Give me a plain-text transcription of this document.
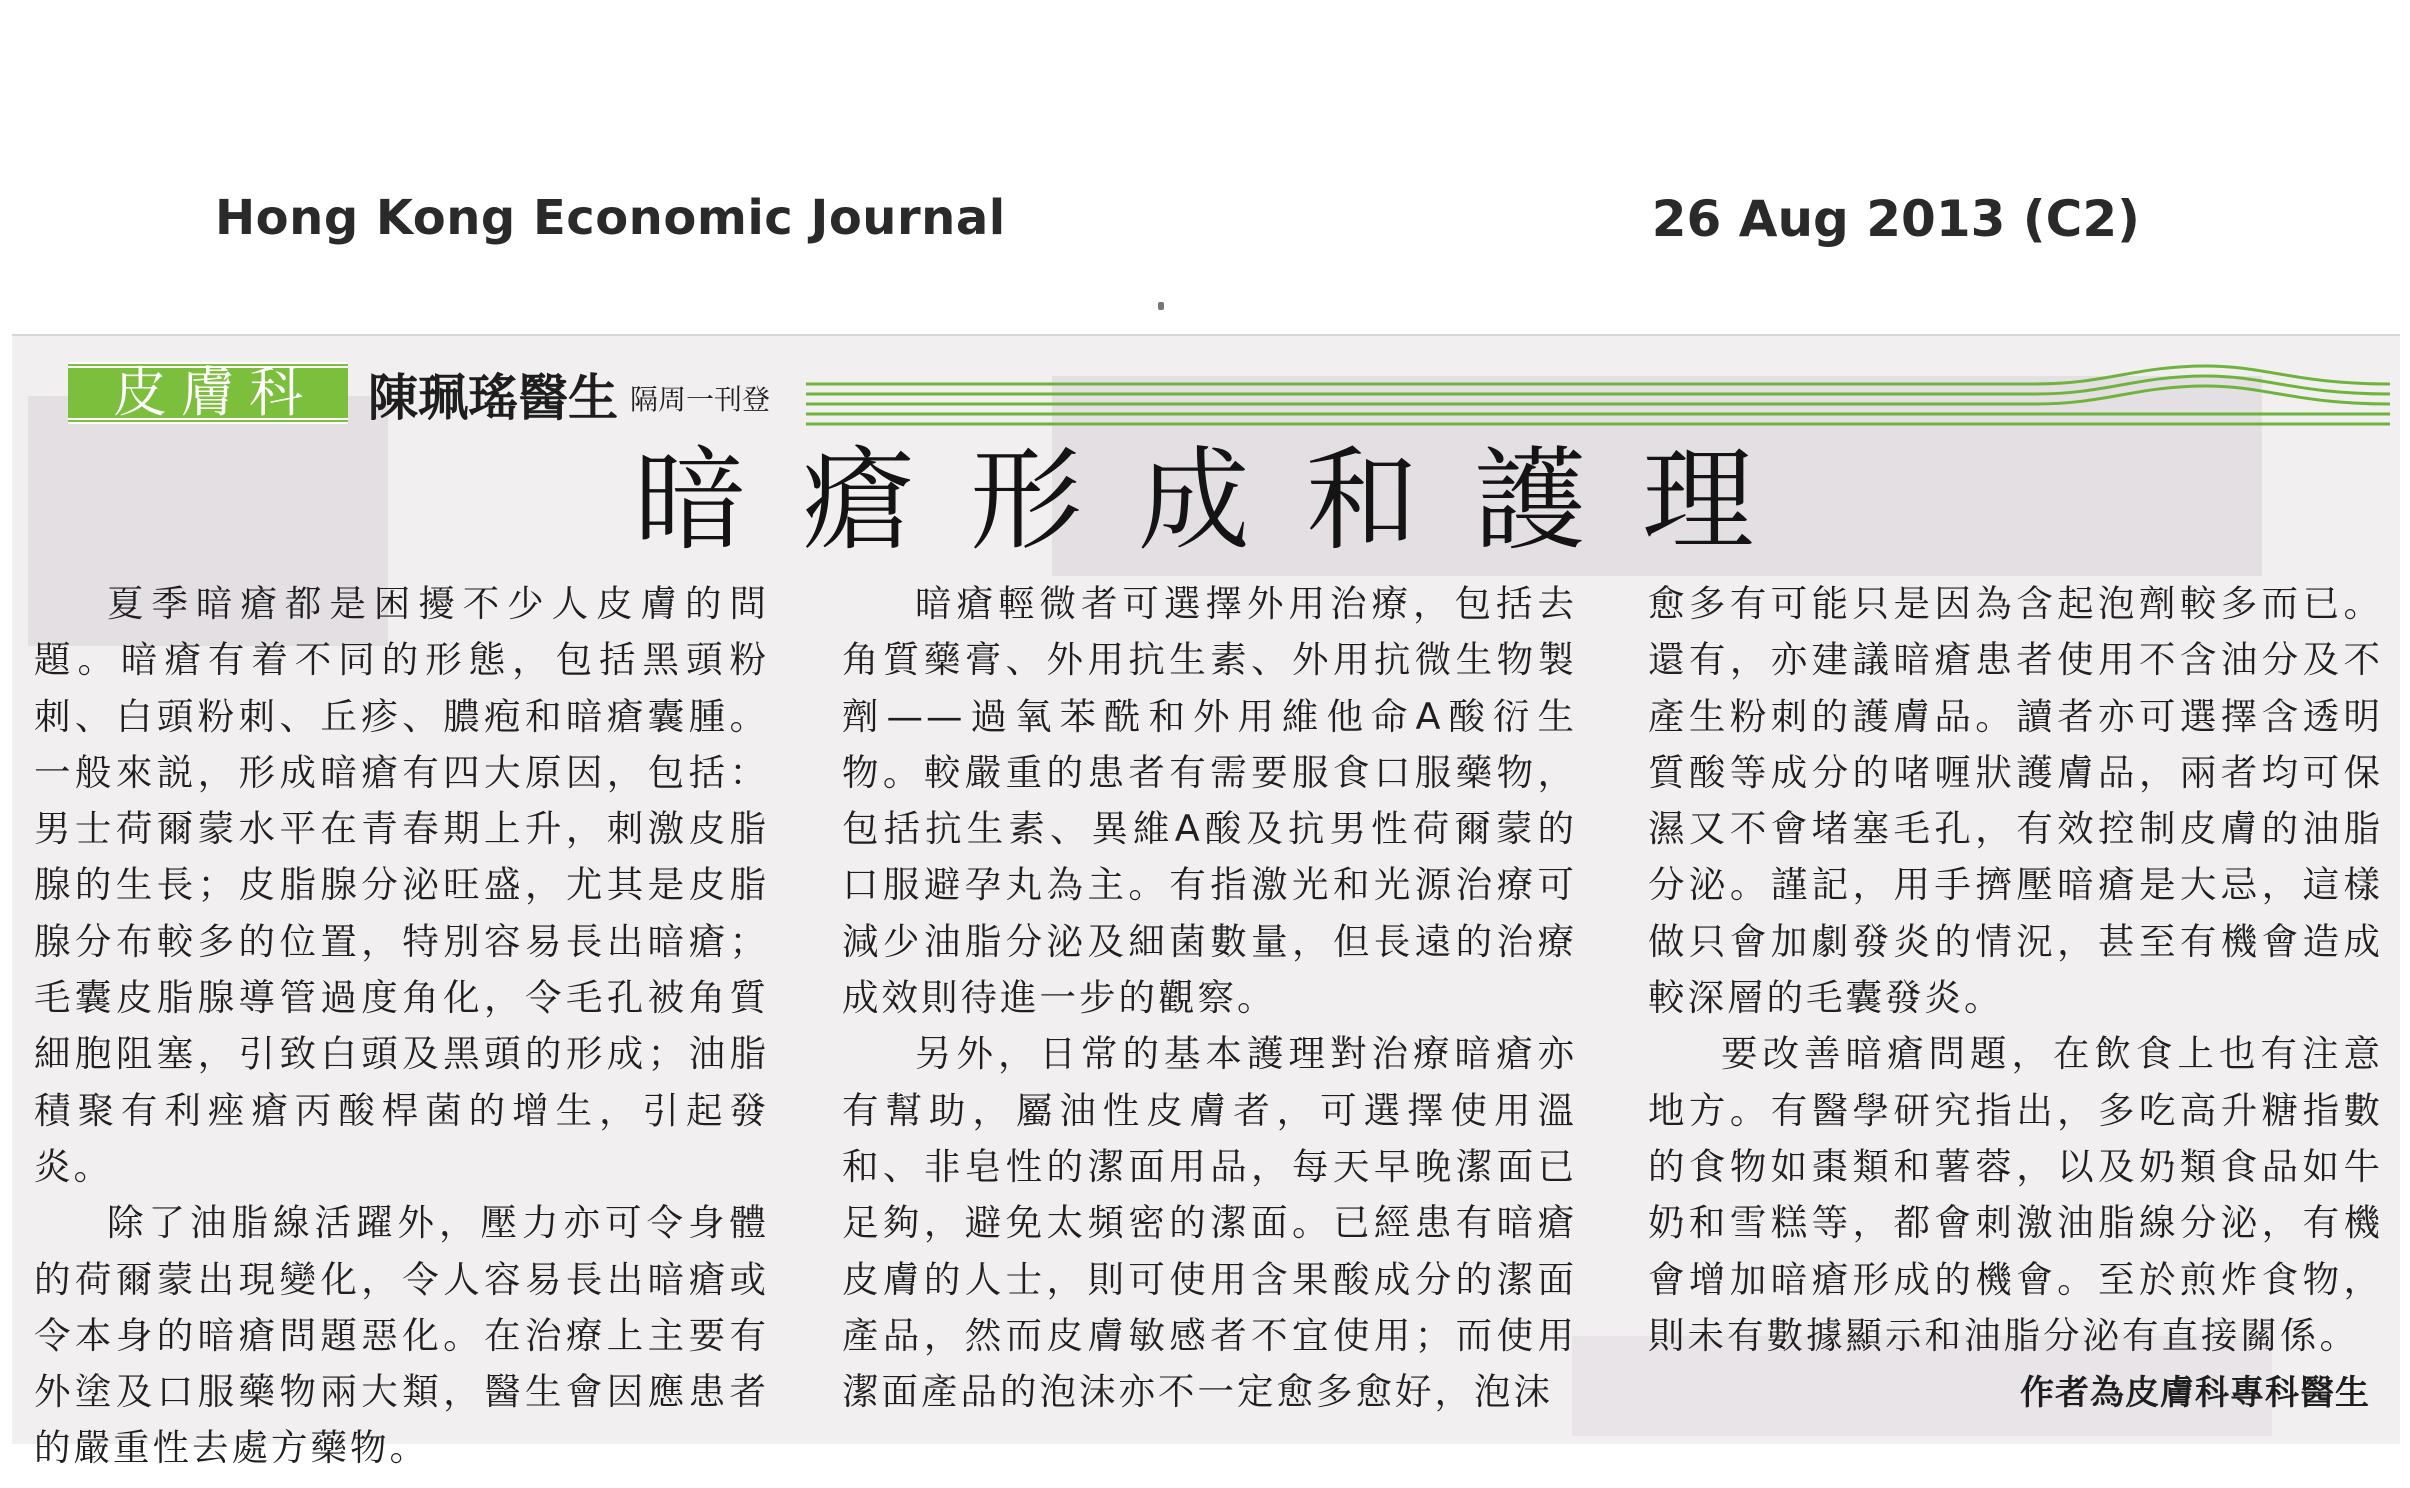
Hong Kong Economic Journal	26 Aug 2013 (C2)
皮膚科 陳珮瑤醫生 隔周一刊登
暗瘡形成和護理

夏季暗瘡都是困擾不少人皮膚的問題。暗瘡有着不同的形態，包括黑頭粉刺、白頭粉刺、丘疹、膿疱和暗瘡囊腫。一般來説，形成暗瘡有四大原因，包括：男士荷爾蒙水平在青春期上升，刺激皮脂腺的生長；皮脂腺分泌旺盛，尤其是皮脂腺分布較多的位置，特別容易長出暗瘡；毛囊皮脂腺導管過度角化，令毛孔被角質細胞阻塞，引致白頭及黑頭的形成；油脂積聚有利痤瘡丙酸桿菌的增生，引起發炎。

除了油脂線活躍外，壓力亦可令身體的荷爾蒙出現變化，令人容易長出暗瘡或令本身的暗瘡問題惡化。在治療上主要有外塗及口服藥物兩大類，醫生會因應患者的嚴重性去處方藥物。

暗瘡輕微者可選擇外用治療，包括去角質藥膏、外用抗生素、外用抗微生物製劑——過氧苯酰和外用維他命A酸衍生物。較嚴重的患者有需要服食口服藥物，包括抗生素、異維A酸及抗男性荷爾蒙的口服避孕丸為主。有指激光和光源治療可減少油脂分泌及細菌數量，但長遠的治療成效則待進一步的觀察。

另外，日常的基本護理對治療暗瘡亦有幫助，屬油性皮膚者，可選擇使用溫和、非皂性的潔面用品，每天早晚潔面已足夠，避免太頻密的潔面。已經患有暗瘡皮膚的人士，則可使用含果酸成分的潔面產品，然而皮膚敏感者不宜使用；而使用潔面產品的泡沫亦不一定愈多愈好，泡沫

愈多有可能只是因為含起泡劑較多而已。還有，亦建議暗瘡患者使用不含油分及不產生粉刺的護膚品。讀者亦可選擇含透明質酸等成分的啫喱狀護膚品，兩者均可保濕又不會堵塞毛孔，有效控制皮膚的油脂分泌。謹記，用手擠壓暗瘡是大忌，這樣做只會加劇發炎的情況，甚至有機會造成較深層的毛囊發炎。

要改善暗瘡問題，在飲食上也有注意地方。有醫學研究指出，多吃高升糖指數的食物如棗類和薯蓉，以及奶類食品如牛奶和雪糕等，都會刺激油脂線分泌，有機會增加暗瘡形成的機會。至於煎炸食物，則未有數據顯示和油脂分泌有直接關係。

作者為皮膚科專科醫生
